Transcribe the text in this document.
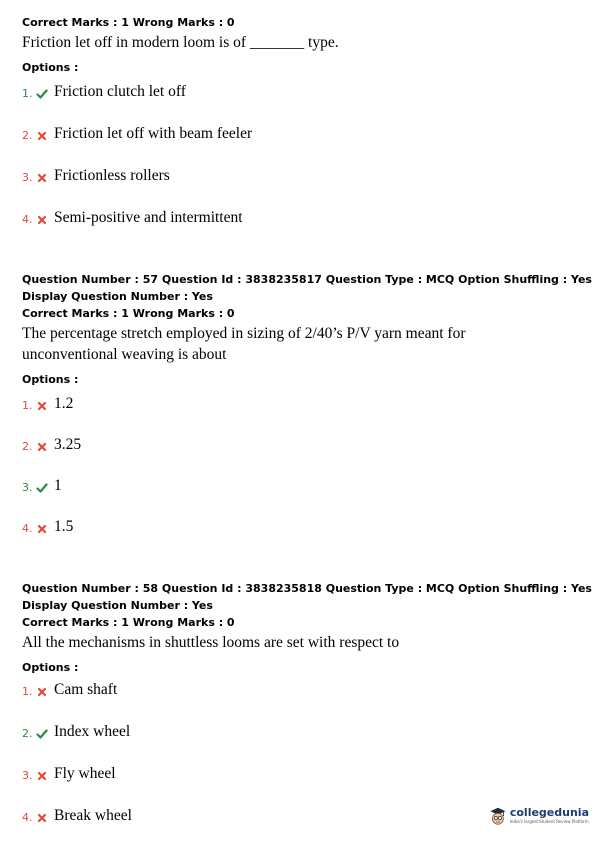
Correct Marks : 1 Wrong Marks : 0
Friction let off in modern loom is of _______ type.
Options :
1. Friction clutch let off
2. Friction let off with beam feeler
3. Frictionless rollers
4. Semi-positive and intermittent
Question Number : 57 Question Id : 3838235817 Question Type : MCQ Option Shuffling : Yes
Display Question Number : Yes
Correct Marks : 1 Wrong Marks : 0
The percentage stretch employed in sizing of 2/40’s P/V yarn meant for
unconventional weaving is about
Options :
1. 1.2
2. 3.25
3. 1
4. 1.5
Question Number : 58 Question Id : 3838235818 Question Type : MCQ Option Shuffling : Yes
Display Question Number : Yes
Correct Marks : 1 Wrong Marks : 0
All the mechanisms in shuttless looms are set with respect to
Options :
1. Cam shaft
2. Index wheel
3. Fly wheel
4. Break wheel	collegedunia
India's largest Student Review Platform
